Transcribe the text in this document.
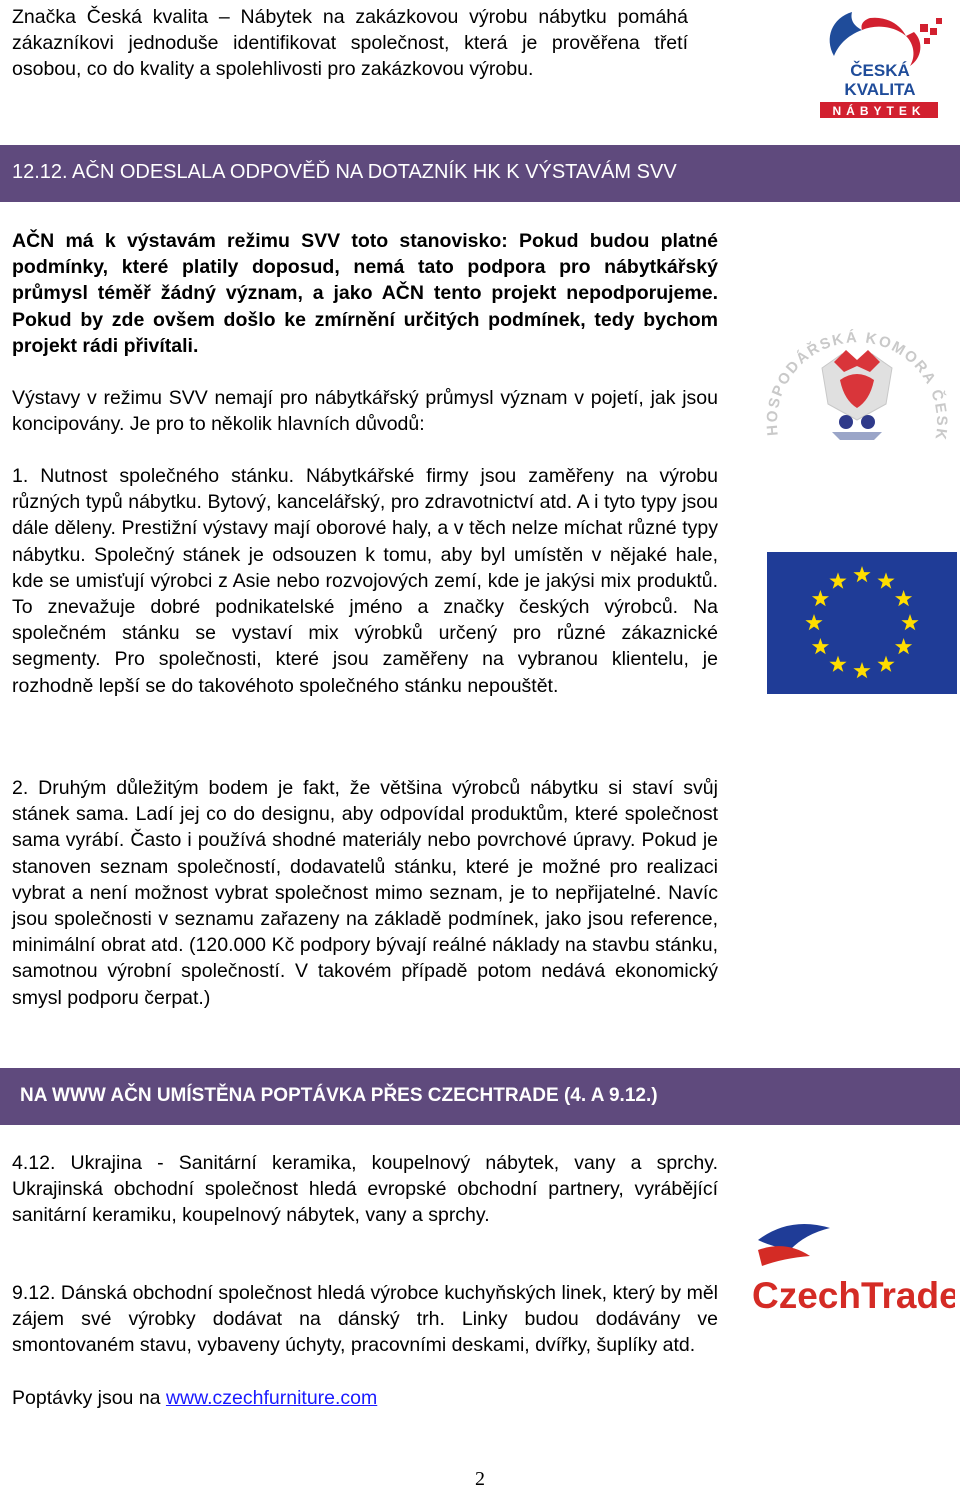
Značka Česká kvalita – Nábytek na zakázkovou výrobu nábytku pomáhá zákazníkovi jednoduše identifikovat společnost, která je prověřena třetí osobou, co do kvality a spolehlivosti pro zakázkovou výrobu.	ČESKÁ
KVALITA
NÁBYTEK
12.12. AČN ODESLALA ODPOVĚĎ NA DOTAZNÍK HK K VÝSTAVÁM SVV

AČN má k výstavám režimu SVV toto stanovisko: Pokud budou platné podmínky, které platily doposud, nemá tato podpora pro nábytkářský průmysl téměř žádný význam, a jako AČN tento projekt nepodporujeme. Pokud by zde ovšem došlo ke zmírnění určitých podmínek, tedy bychom projekt rádi přivítali.

Výstavy v režimu SVV nemají pro nábytkářský průmysl význam v pojetí, jak jsou koncipovány. Je pro to několik hlavních důvodů:

1. Nutnost společného stánku. Nábytkářské firmy jsou zaměřeny na výrobu různých typů nábytku. Bytový, kancelářský, pro zdravotnictví atd. A i tyto typy jsou dále děleny. Prestižní výstavy mají oborové haly, a v těch nelze míchat různé typy nábytku. Společný stánek je odsouzen k tomu, aby byl umístěn v nějaké hale, kde se umisťují výrobci z Asie nebo rozvojových zemí, kde je jakýsi mix produktů. To znevažuje dobré podnikatelské jméno a značky českých výrobců. Na společném stánku se vystaví mix výrobků určený pro různé zákaznické segmenty. Pro společnosti, které jsou zaměřeny na vybranou klientelu, je rozhodně lepší se do takovéhoto společného stánku nepouštět.

2. Druhým důležitým bodem je fakt, že většina výrobců nábytku si staví svůj stánek sama. Ladí jej co do designu, aby odpovídal produktům, které společnost sama vyrábí. Často i používá shodné materiály nebo povrchové úpravy. Pokud je stanoven seznam společností, dodavatelů stánku, které je možné pro realizaci vybrat a není možnost vybrat společnost mimo seznam, je to nepřijatelné. Navíc jsou společnosti v seznamu zařazeny na základě podmínek, jako jsou reference, minimální obrat atd. (120.000 Kč podpory bývají reálné náklady na stavbu stánku, samotnou výrobní společností. V takovém případě potom nedává ekonomický smysl podporu čerpat.)

HOSPODÁŘSKÁ KOMORA ČESK
NA WWW AČN UMÍSTĚNA POPTÁVKA PŘES CZECHTRADE (4. A 9.12.)

4.12. Ukrajina - Sanitární keramika, koupelnový nábytek, vany a sprchy. Ukrajinská obchodní společnost hledá evropské obchodní partnery, vyrábějící sanitární keramiku, koupelnový nábytek, vany a sprchy.

9.12. Dánská obchodní společnost hledá výrobce kuchyňských linek, který by měl zájem své výrobky dodávat na dánský trh. Linky budou dodávány ve smontovaném stavu, vybaveny úchyty, pracovními deskami, dvířky, šuplíky atd.

Poptávky jsou na www.czechfurniture.com

CzechTrade
2
